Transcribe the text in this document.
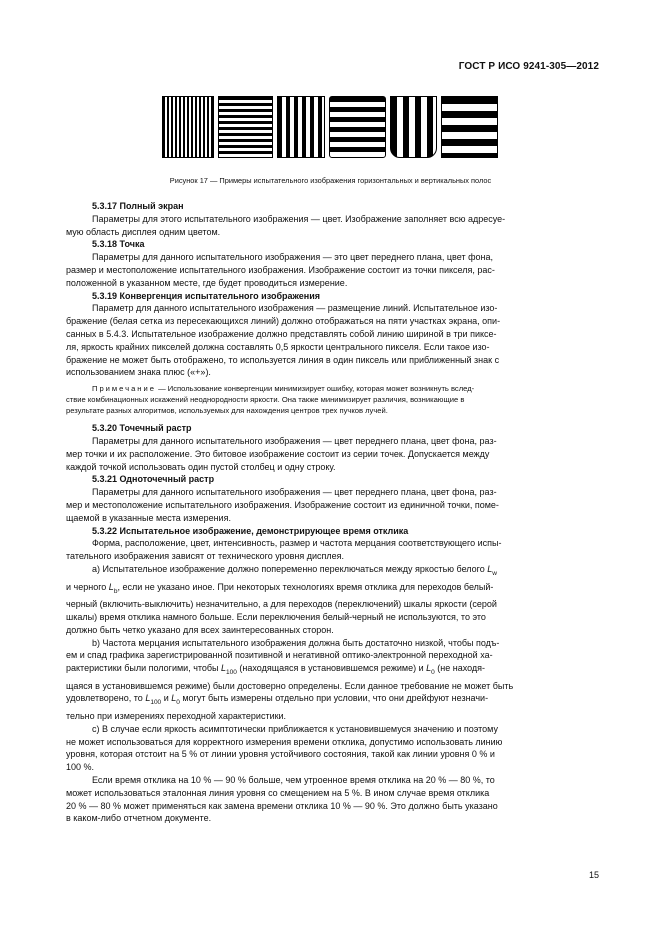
ГОСТ Р ИСО 9241-305—2012
Рисунок 17 — Примеры испытательного изображения горизонтальных и вертикальных полос

5.3.17 Полный экран

Параметры для этого испытательного изображения — цвет. Изображение заполняет всю адресуе-
мую область дисплея одним цветом.

5.3.18 Точка

Параметры для данного испытательного изображения — это цвет переднего плана, цвет фона,
размер и местоположение испытательного изображения. Изображение состоит из точки пикселя, рас-
положенной в указанном месте, где будет проводиться измерение.

5.3.19 Конвергенция испытательного изображения

Параметр для данного испытательного изображения — размещение линий. Испытательное изо-
бражение (белая сетка из пересекающихся линий) должно отображаться на пяти участках экрана, опи-
санных в 5.4.3. Испытательное изображение должно представлять собой линию шириной в три пиксе-
ля, яркость крайних пикселей должна составлять 0,5 яркости центрального пикселя. Если такое изо-
бражение не может быть отображено, то используется линия в один пиксель или приближенный знак с
использованием знака плюс («+»).

Примечание — Использование конвергенции минимизирует ошибку, которая может возникнуть вслед-
ствие комбинационных искажений неоднородности яркости. Она также минимизирует различия, возникающие в
результате разных алгоритмов, используемых для нахождения центров трех пучков лучей.

5.3.20 Точечный растр

Параметры для данного испытательного изображения — цвет переднего плана, цвет фона, раз-
мер точки и их расположение. Это битовое изображение состоит из серии точек. Допускается между
каждой точкой использовать один пустой столбец и одну строку.

5.3.21 Одноточечный растр

Параметры для данного испытательного изображения — цвет переднего плана, цвет фона, раз-
мер и местоположение испытательного изображения. Изображение состоит из единичной точки, поме-
щаемой в указанные места измерения.

5.3.22 Испытательное изображение, демонстрирующее время отклика

Форма, расположение, цвет, интенсивность, размер и частота мерцания соответствующего испы-
тательного изображения зависят от технического уровня дисплея.

а) Испытательное изображение должно попеременно переключаться между яркостью белого $L_w$
и черного $L_b$, если не указано иное. При некоторых технологиях время отклика для переходов белый-
черный (включить-выключить) незначительно, а для переходов (переключений) шкалы яркости (серой
шкалы) время отклика намного больше. Если переключения белый-черный не используются, то это
должно быть четко указано для всех заинтересованных сторон.

b) Частота мерцания испытательного изображения должна быть достаточно низкой, чтобы подъ-
ем и спад графика зарегистрированной позитивной и негативной оптико-электронной переходной ха-
рактеристики были пологими, чтобы $L_{100}$ (находящаяся в установившемся режиме) и $L_0$ (не находя-
щаяся в установившемся режиме) были достоверно определены. Если данное требование не может быть
удовлетворено, то $L_{100}$ и $L_0$ могут быть измерены отдельно при условии, что они дрейфуют незначи-
тельно при измерениях переходной характеристики.

с) В случае если яркость асимптотически приближается к установившемуся значению и поэтому
не может использоваться для корректного измерения времени отклика, допустимо использовать линию
уровня, которая отстоит на 5 % от линии уровня устойчивого состояния, такой как линии уровня 0 % и
100 %.

Если время отклика на 10 % — 90 % больше, чем утроенное время отклика на 20 % — 80 %, то
может использоваться эталонная линия уровня со смещением на 5 %. В ином случае время отклика
20 % — 80 % может применяться как замена времени отклика 10 % — 90 %. Это должно быть указано
в каком-либо отчетном документе.

15
